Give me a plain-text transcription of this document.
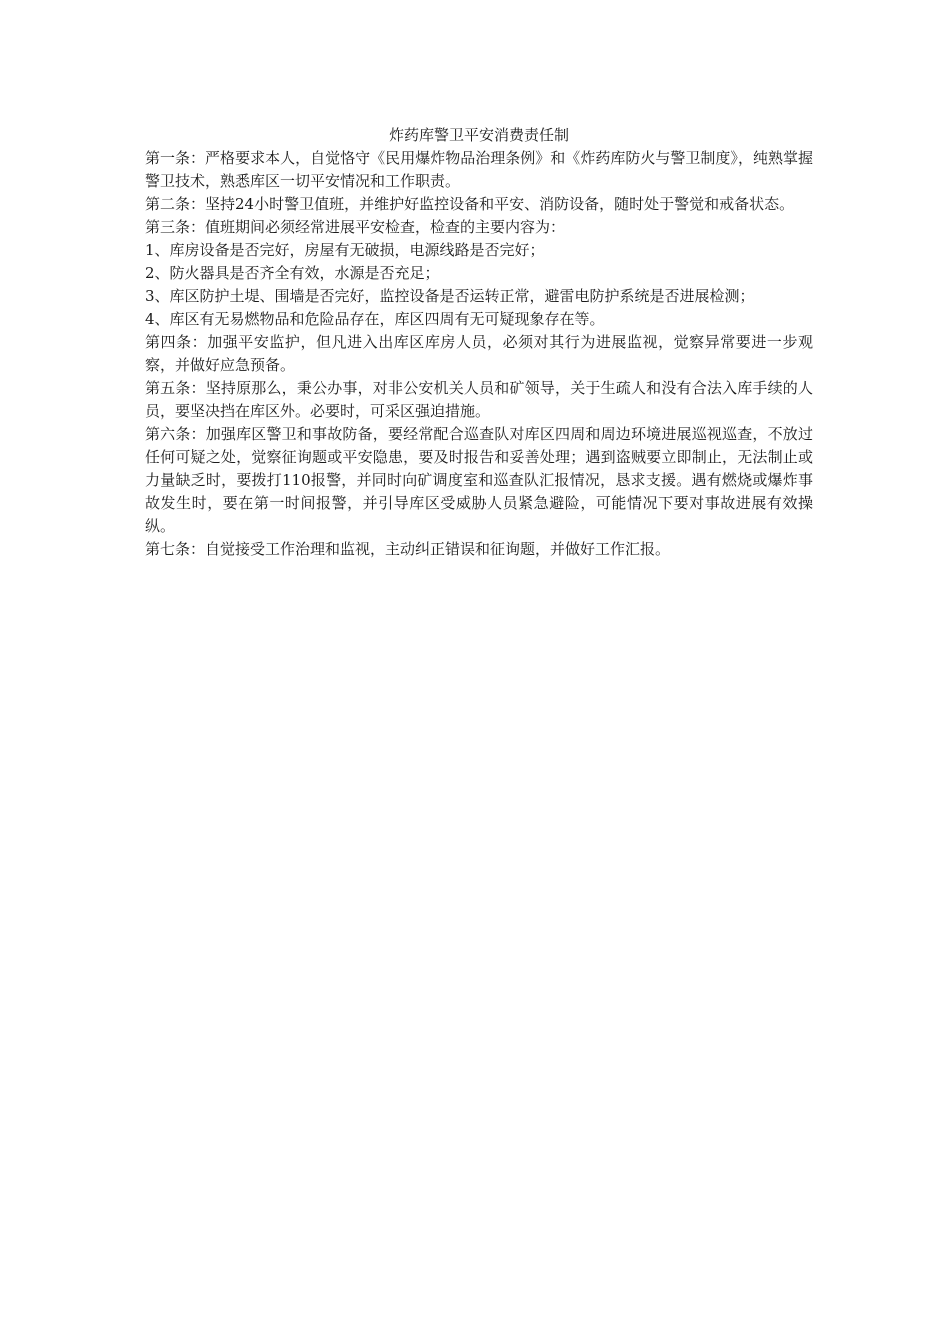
炸药库警卫平安消费责任制

第一条：严格要求本人，自觉恪守《民用爆炸物品治理条例》和《炸药库防火与警卫制度》，纯熟掌握警卫技术，熟悉库区一切平安情况和工作职责。

第二条：坚持24小时警卫值班，并维护好监控设备和平安、消防设备，随时处于警觉和戒备状态。

第三条：值班期间必须经常进展平安检查，检查的主要内容为：

1、库房设备是否完好，房屋有无破损，电源线路是否完好；

2、防火器具是否齐全有效，水源是否充足；

3、库区防护土堤、围墙是否完好，监控设备是否运转正常，避雷电防护系统是否进展检测；

4、库区有无易燃物品和危险品存在，库区四周有无可疑现象存在等。

第四条：加强平安监护，但凡进入出库区库房人员，必须对其行为进展监视，觉察异常要进一步观察，并做好应急预备。

第五条：坚持原那么，秉公办事，对非公安机关人员和矿领导，关于生疏人和没有合法入库手续的人员，要坚决挡在库区外。必要时，可采区强迫措施。

第六条：加强库区警卫和事故防备，要经常配合巡查队对库区四周和周边环境进展巡视巡查，不放过任何可疑之处，觉察征询题或平安隐患，要及时报告和妥善处理；遇到盗贼要立即制止，无法制止或力量缺乏时，要拨打110报警，并同时向矿调度室和巡查队汇报情况，恳求支援。遇有燃烧或爆炸事故发生时，要在第一时间报警，并引导库区受威胁人员紧急避险，可能情况下要对事故进展有效操纵。

第七条：自觉接受工作治理和监视，主动纠正错误和征询题，并做好工作汇报。
